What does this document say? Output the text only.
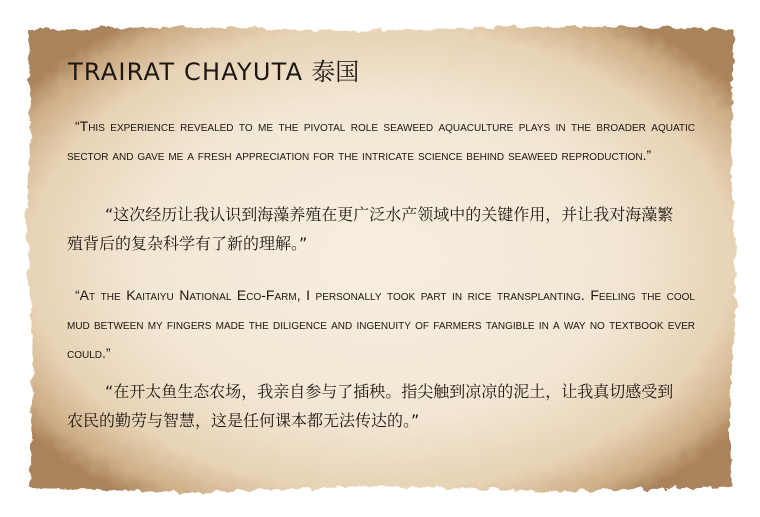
TRAIRAT CHAYUTA 泰国

“This experience revealed to me the pivotal role seaweed aquaculture plays in the broader aquatic sector and gave me a fresh appreciation for the intricate science behind seaweed reproduction.”

“这次经历让我认识到海藻养殖在更广泛水产领域中的关键作用，并让我对海藻繁殖背后的复杂科学有了新的理解。”

“At the Kaitaiyu National Eco-Farm, I personally took part in rice transplanting. Feeling the cool mud between my fingers made the diligence and ingenuity of farmers tangible in a way no textbook ever could.”

“在开太鱼生态农场，我亲自参与了插秧。指尖触到凉凉的泥土，让我真切感受到农民的勤劳与智慧，这是任何课本都无法传达的。”
